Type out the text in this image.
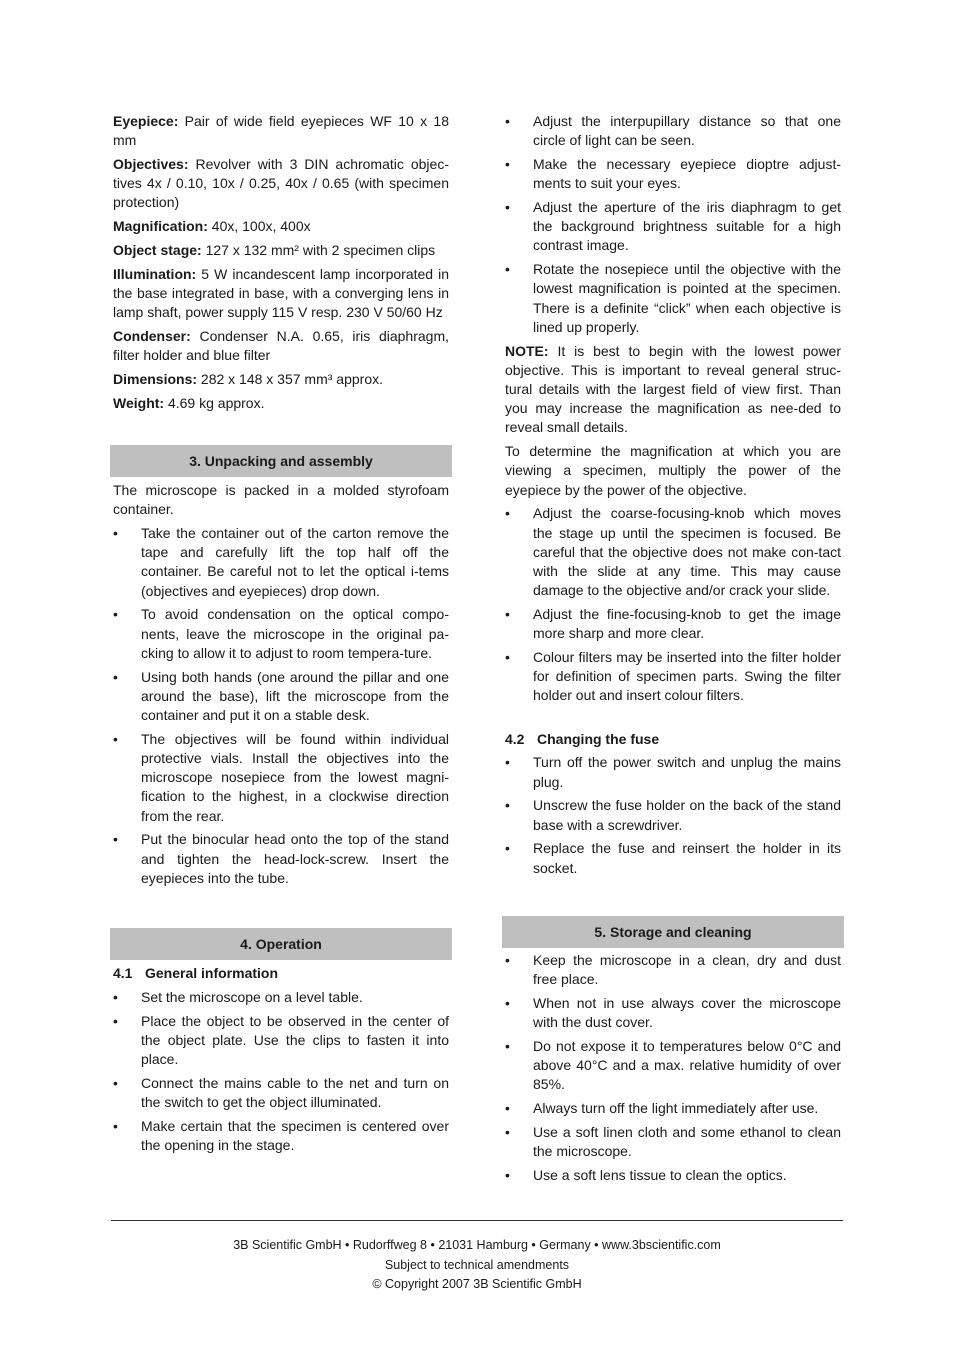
Eyepiece: Pair of wide field eyepieces WF 10 x 18 mm

Objectives: Revolver with 3 DIN achromatic objec-tives 4x / 0.10, 10x / 0.25, 40x / 0.65 (with specimen protection)

Magnification: 40x, 100x, 400x

Object stage: 127 x 132 mm² with 2 specimen clips

Illumination: 5 W incandescent lamp incorporated in the base integrated in base, with a converging lens in lamp shaft, power supply 115 V resp. 230 V 50/60 Hz

Condenser: Condenser N.A. 0.65, iris diaphragm, filter holder and blue filter

Dimensions: 282 x 148 x 357 mm³ approx.

Weight: 4.69 kg approx.

3. Unpacking and assembly

The microscope is packed in a molded styrofoam container.

• Take the container out of the carton remove the tape and carefully lift the top half off the container. Be careful not to let the optical i-tems (objectives and eyepieces) drop down.
• To avoid condensation on the optical compo-nents, leave the microscope in the original pa-cking to allow it to adjust to room tempera-ture.
• Using both hands (one around the pillar and one around the base), lift the microscope from the container and put it on a stable desk.
• The objectives will be found within individual protective vials. Install the objectives into the microscope nosepiece from the lowest magni-fication to the highest, in a clockwise direction from the rear.
• Put the binocular head onto the top of the stand and tighten the head-lock-screw. Insert the eyepieces into the tube.
4. Operation
4.1 General information
• Set the microscope on a level table.
• Place the object to be observed in the center of the object plate. Use the clips to fasten it into place.
• Connect the mains cable to the net and turn on the switch to get the object illuminated.
• Make certain that the specimen is centered over the opening in the stage.
• Adjust the interpupillary distance so that one circle of light can be seen.
• Make the necessary eyepiece dioptre adjust-ments to suit your eyes.
• Adjust the aperture of the iris diaphragm to get the background brightness suitable for a high contrast image.
• Rotate the nosepiece until the objective with the lowest magnification is pointed at the specimen. There is a definite “click” when each objective is lined up properly.

NOTE: It is best to begin with the lowest power objective. This is important to reveal general struc-tural details with the largest field of view first. Than you may increase the magnification as nee-ded to reveal small details.

To determine the magnification at which you are viewing a specimen, multiply the power of the eyepiece by the power of the objective.

• Adjust the coarse-focusing-knob which moves the stage up until the specimen is focused. Be careful that the objective does not make con-tact with the slide at any time. This may cause damage to the objective and/or crack your slide.
• Adjust the fine-focusing-knob to get the image more sharp and more clear.
• Colour filters may be inserted into the filter holder for definition of specimen parts. Swing the filter holder out and insert colour filters.
4.2 Changing the fuse
• Turn off the power switch and unplug the mains plug.
• Unscrew the fuse holder on the back of the stand base with a screwdriver.
• Replace the fuse and reinsert the holder in its socket.
5. Storage and cleaning
• Keep the microscope in a clean, dry and dust free place.
• When not in use always cover the microscope with the dust cover.
• Do not expose it to temperatures below 0°C and above 40°C and a max. relative humidity of over 85%.
• Always turn off the light immediately after use.
• Use a soft linen cloth and some ethanol to clean the microscope.
• Use a soft lens tissue to clean the optics.
3B Scientific GmbH • Rudorffweg 8 • 21031 Hamburg • Germany • www.3bscientific.com
Subject to technical amendments
© Copyright 2007 3B Scientific GmbH
